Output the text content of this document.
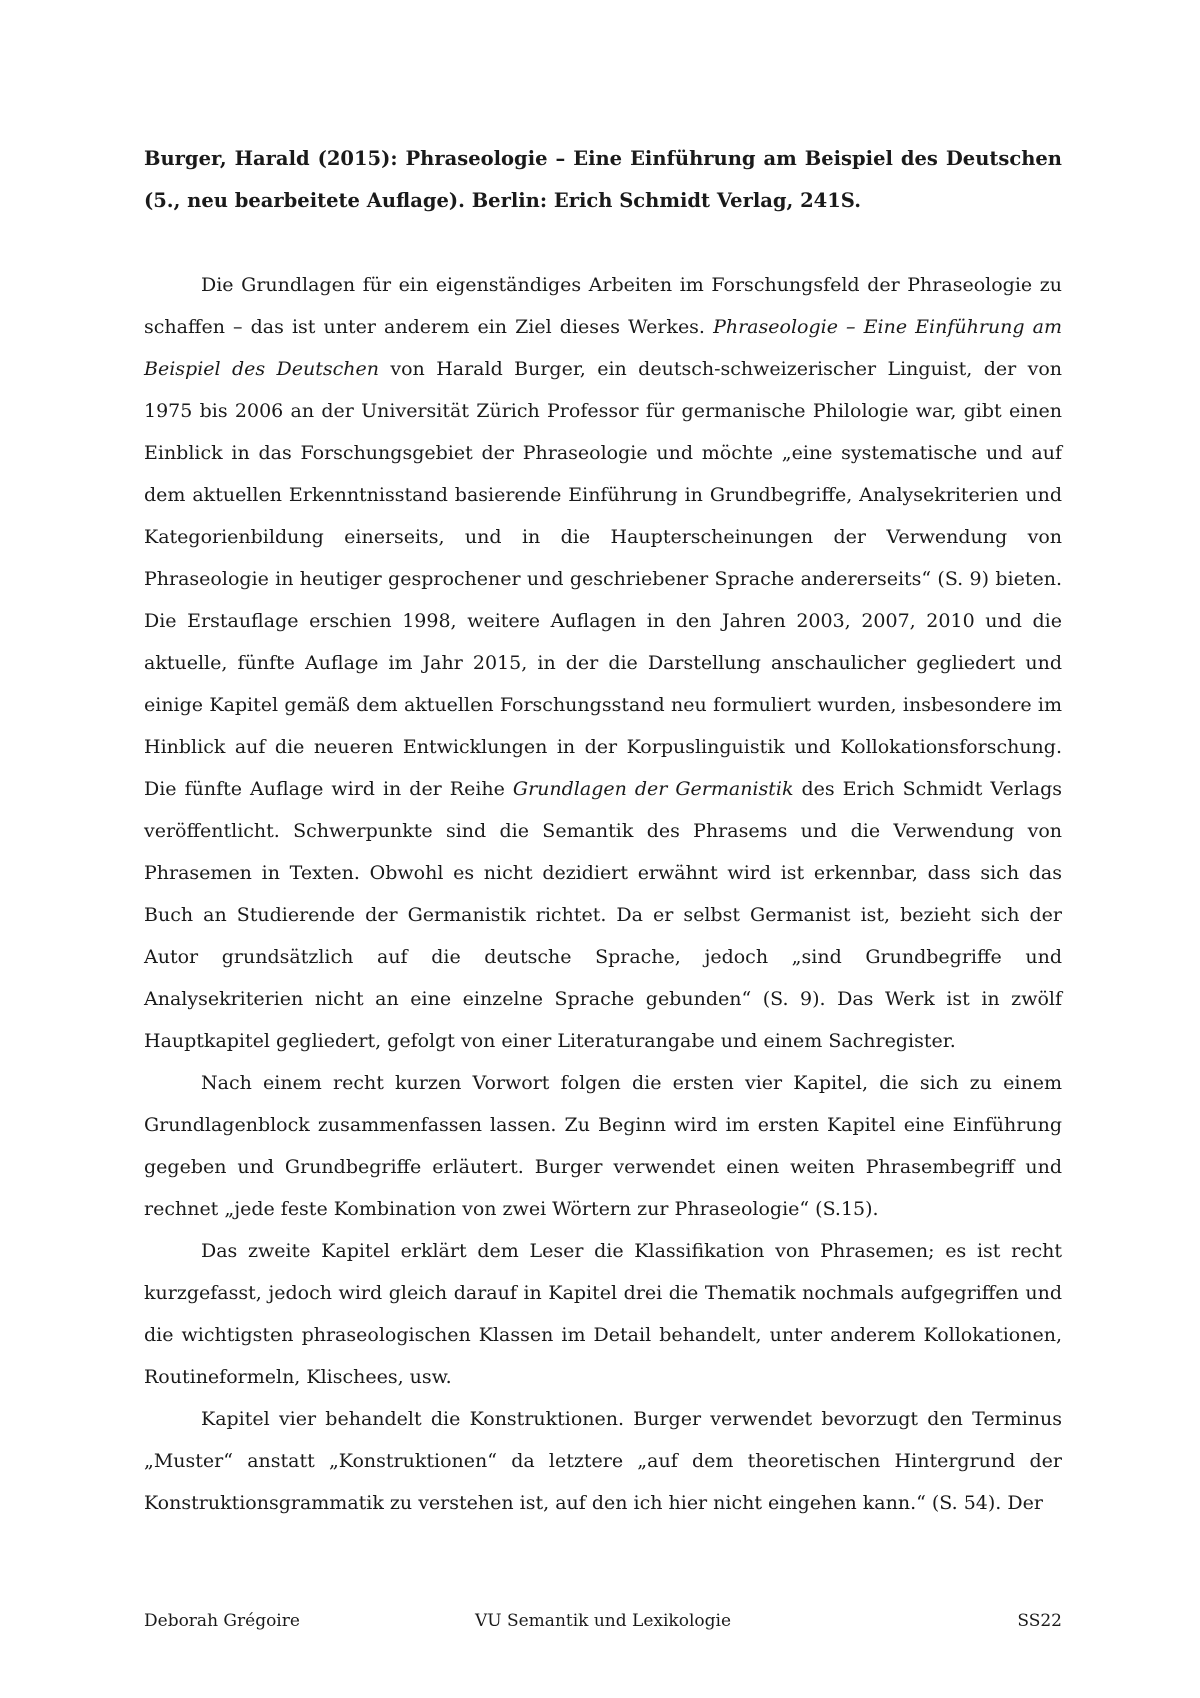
Burger, Harald (2015): Phraseologie – Eine Einführung am Beispiel des Deutschen (5., neu bearbeitete Auflage). Berlin: Erich Schmidt Verlag, 241S.

Die Grundlagen für ein eigenständiges Arbeiten im Forschungsfeld der Phraseologie zu schaffen – das ist unter anderem ein Ziel dieses Werkes. Phraseologie – Eine Einführung am Beispiel des Deutschen von Harald Burger, ein deutsch-schweizerischer Linguist, der von 1975 bis 2006 an der Universität Zürich Professor für germanische Philologie war, gibt einen Einblick in das Forschungsgebiet der Phraseologie und möchte „eine systematische und auf dem aktuellen Erkenntnisstand basierende Einführung in Grundbegriffe, Analysekriterien und Kategorienbildung einerseits, und in die Haupterscheinungen der Verwendung von Phraseologie in heutiger gesprochener und geschriebener Sprache andererseits“ (S. 9) bieten. Die Erstauflage erschien 1998, weitere Auflagen in den Jahren 2003, 2007, 2010 und die aktuelle, fünfte Auflage im Jahr 2015, in der die Darstellung anschaulicher gegliedert und einige Kapitel gemäß dem aktuellen Forschungsstand neu formuliert wurden, insbesondere im Hinblick auf die neueren Entwicklungen in der Korpuslinguistik und Kollokationsforschung. Die fünfte Auflage wird in der Reihe Grundlagen der Germanistik des Erich Schmidt Verlags veröffentlicht. Schwerpunkte sind die Semantik des Phrasems und die Verwendung von Phrasemen in Texten. Obwohl es nicht dezidiert erwähnt wird ist erkennbar, dass sich das Buch an Studierende der Germanistik richtet. Da er selbst Germanist ist, bezieht sich der Autor grundsätzlich auf die deutsche Sprache, jedoch „sind Grundbegriffe und Analysekriterien nicht an eine einzelne Sprache gebunden“ (S. 9). Das Werk ist in zwölf Hauptkapitel gegliedert, gefolgt von einer Literaturangabe und einem Sachregister.

Nach einem recht kurzen Vorwort folgen die ersten vier Kapitel, die sich zu einem Grundlagenblock zusammenfassen lassen. Zu Beginn wird im ersten Kapitel eine Einführung gegeben und Grundbegriffe erläutert. Burger verwendet einen weiten Phrasembegriff und rechnet „jede feste Kombination von zwei Wörtern zur Phraseologie“ (S.15).

Das zweite Kapitel erklärt dem Leser die Klassifikation von Phrasemen; es ist recht kurzgefasst, jedoch wird gleich darauf in Kapitel drei die Thematik nochmals aufgegriffen und die wichtigsten phraseologischen Klassen im Detail behandelt, unter anderem Kollokationen, Routineformeln, Klischees, usw.

Kapitel vier behandelt die Konstruktionen. Burger verwendet bevorzugt den Terminus „Muster“ anstatt „Konstruktionen“ da letztere „auf dem theoretischen Hintergrund der Konstruktionsgrammatik zu verstehen ist, auf den ich hier nicht eingehen kann.“ (S. 54). Der

Deborah Grégoire	VU Semantik und Lexikologie	SS22
